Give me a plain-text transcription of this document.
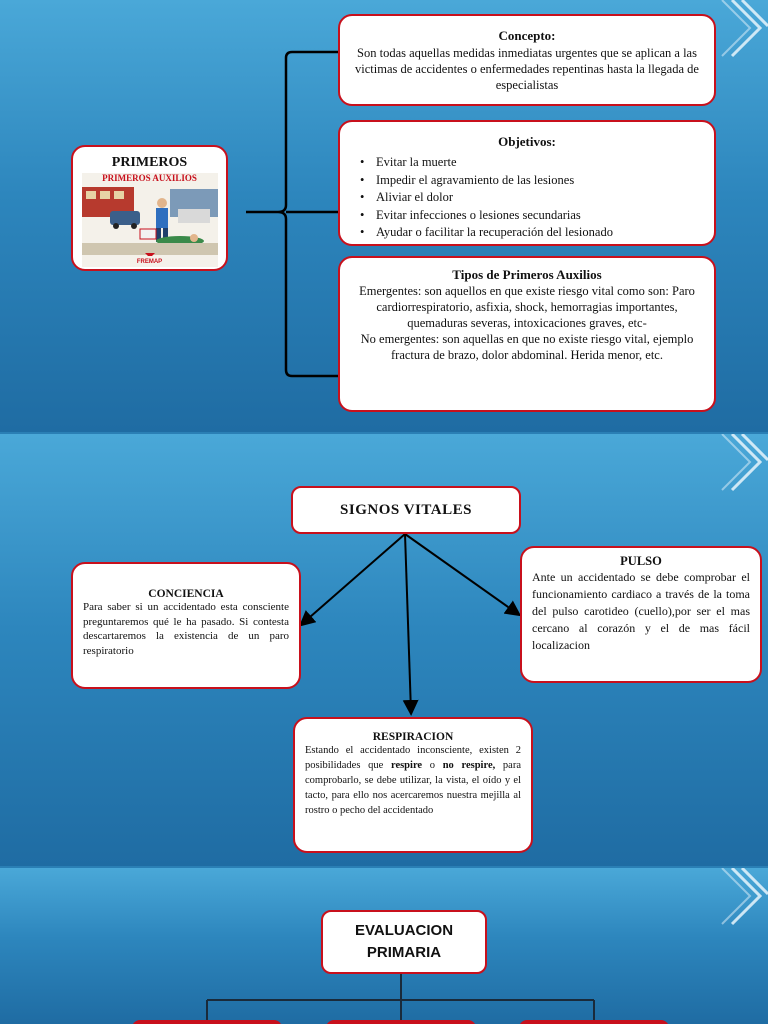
PRIMEROS
PRIMEROS AUXILIOS
FREMAP
Concepto:
Son todas aquellas medidas inmediatas urgentes que se aplican a las victimas de accidentes o enfermedades repentinas hasta la llegada de especialistas
Objetivos:
• Evitar la muerte
• Impedir el agravamiento de las lesiones
• Aliviar el dolor
• Evitar infecciones o lesiones secundarias
• Ayudar o facilitar la recuperación del lesionado
Tipos de Primeros Auxilios
Emergentes: son aquellos en que existe riesgo vital como son: Paro cardiorrespiratorio, asfixia, shock, hemorragias importantes, quemaduras severas, intoxicaciones graves, etc-
No emergentes: son aquellas en que no existe riesgo vital, ejemplo fractura de brazo, dolor abdominal. Herida menor, etc.
SIGNOS VITALES
CONCIENCIA
Para saber si un accidentado esta consciente preguntaremos qué le ha pasado. Si contesta descartaremos la existencia de un paro respiratorio
PULSO
Ante un accidentado se debe comprobar el funcionamiento cardiaco a través de la toma del pulso carotideo (cuello),por ser el mas cercano al corazón y el de mas fácil localizacion
RESPIRACION
Estando el accidentado inconsciente, existen 2 posibilidades que respire o no respire, para comprobarlo, se debe utilizar, la vista, el oído y el tacto, para ello nos acercaremos nuestra mejilla al rostro o pecho del accidentado
EVALUACION
PRIMARIA
